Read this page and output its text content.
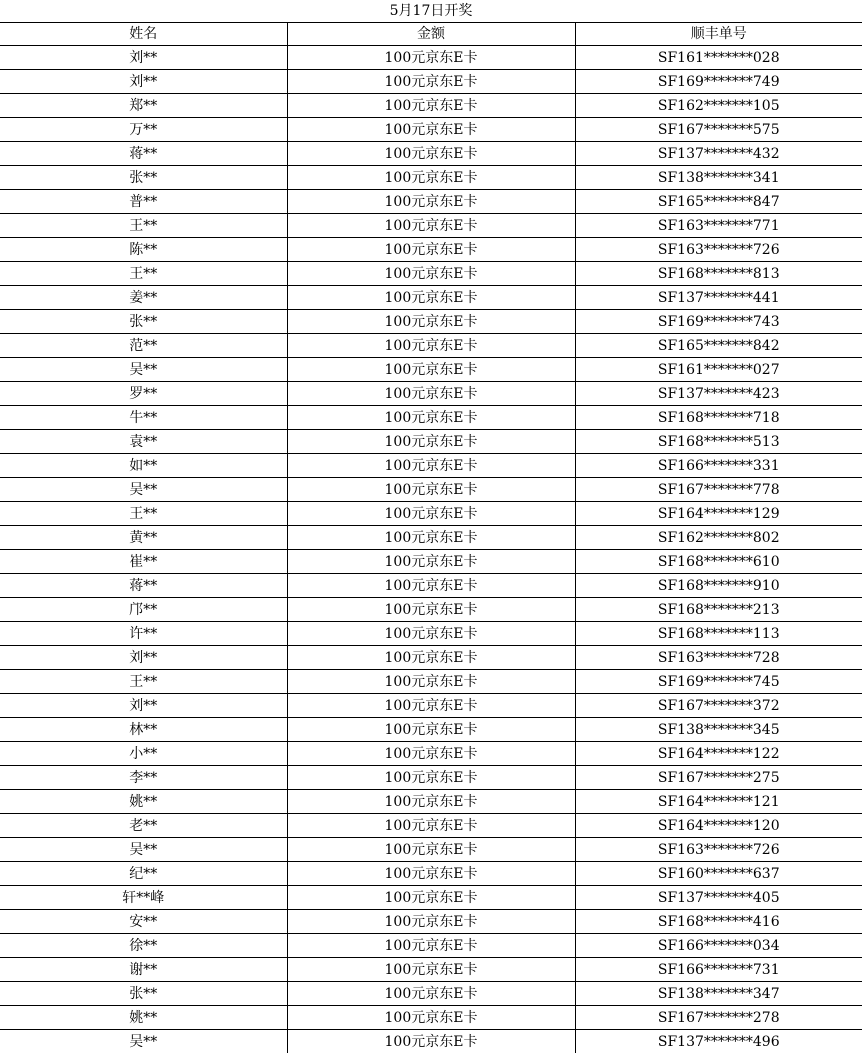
5月17日开奖
姓名	金额	顺丰单号
刘**	100元京东E卡	SF161*******028
刘**	100元京东E卡	SF169*******749
郑**	100元京东E卡	SF162*******105
万**	100元京东E卡	SF167*******575
蒋**	100元京东E卡	SF137*******432
张**	100元京东E卡	SF138*******341
普**	100元京东E卡	SF165*******847
王**	100元京东E卡	SF163*******771
陈**	100元京东E卡	SF163*******726
王**	100元京东E卡	SF168*******813
姜**	100元京东E卡	SF137*******441
张**	100元京东E卡	SF169*******743
范**	100元京东E卡	SF165*******842
吴**	100元京东E卡	SF161*******027
罗**	100元京东E卡	SF137*******423
牛**	100元京东E卡	SF168*******718
袁**	100元京东E卡	SF168*******513
如**	100元京东E卡	SF166*******331
吴**	100元京东E卡	SF167*******778
王**	100元京东E卡	SF164*******129
黄**	100元京东E卡	SF162*******802
崔**	100元京东E卡	SF168*******610
蒋**	100元京东E卡	SF168*******910
邝**	100元京东E卡	SF168*******213
许**	100元京东E卡	SF168*******113
刘**	100元京东E卡	SF163*******728
王**	100元京东E卡	SF169*******745
刘**	100元京东E卡	SF167*******372
林**	100元京东E卡	SF138*******345
小**	100元京东E卡	SF164*******122
李**	100元京东E卡	SF167*******275
姚**	100元京东E卡	SF164*******121
老**	100元京东E卡	SF164*******120
吴**	100元京东E卡	SF163*******726
纪**	100元京东E卡	SF160*******637
轩**峰	100元京东E卡	SF137*******405
安**	100元京东E卡	SF168*******416
徐**	100元京东E卡	SF166*******034
谢**	100元京东E卡	SF166*******731
张**	100元京东E卡	SF138*******347
姚**	100元京东E卡	SF167*******278
吴**	100元京东E卡	SF137*******496
